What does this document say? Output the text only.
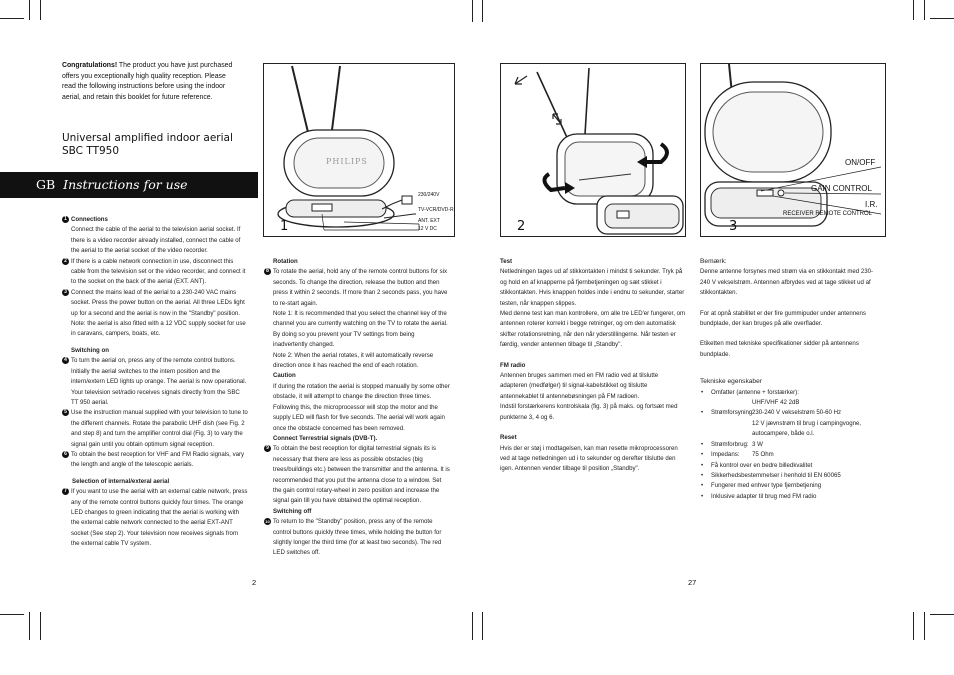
Congratulations! The product you have just purchased offers you exceptionally high quality reception. Please read the following instructions before using the indoor aerial, and retain this booklet for future reference.
Universal amplified indoor aerial
SBC TT950
GB Instructions for use
1 Connections
Connect the cable of the aerial to the television aerial socket. If there is a video recorder already installed, connect the cable of the aerial to the aerial socket of the video recorder.
2 If there is a cable network connection in use, disconnect this cable from the television set or the video recorder, and connect it to the socket on the back of the aerial (EXT. ANT).
3 Connect the mains lead of the aerial to a 230-240 VAC mains socket. Press the power button on the aerial. All three LEDs light up for a second and the aerial is now in the "Standby" position.
Note: the aerial is also fitted with a 12 VDC supply socket for use in caravans, campers, boats, etc.
Switching on
4 To turn the aerial on, press any of the remote control buttons. Initially the aerial switches to the intern position and the intern/extern LED lights up orange. The aerial is now operational. Your television set/radio receives signals directly from the SBC TT 950 aerial.
5 Use the instruction manual supplied with your television to tune to the different channels. Rotate the parabolic UHF dish (see Fig. 2 and step 8) and turn the amplifier control dial (Fig. 3) to vary the signal gain until you obtain optimum signal reception.
6 To obtain the best reception for VHF and FM Radio signals, vary the length and angle of the telescopic aerials.
Selection of internal/exteral aerial
7 If you want to use the aerial with an external cable network, press any of the remote control buttons quickly four times. The orange LED changes to green indicating that the aerial is working with the external cable network connected to the aerial EXT-ANT socket (See step 2). Your television now receives signals from the external cable TV system.
2
Rotation
8 To rotate the aerial, hold any of the remote control buttons for six seconds. To change the direction, release the button and then press it within 2 seconds. If more than 2 seconds pass, you have to re-start again.
Note 1: It is recommended that you select the channel key of the channel you are currently watching on the TV to rotate the aerial. By doing so you prevent your TV settings from being inadvertently changed.
Note 2: When the aerial rotates, it will automatically reverse direction once it has reached the end of each rotation.
Caution
If during the rotation the aerial is stopped manually by some other obstacle, it will attempt to change the direction three times. Following this, the microprocessor will stop the motor and the supply LED will flash for five seconds. The aerial will work again once the obstacle concerned has been removed.
Connect Terrestrial signals (DVB-T).
9 To obtain the best reception for digital terrestrial signals its is necessary that there are less as possible obstacles (big trees/buildings etc.) between the transmitter and the antenna. It is recommended that you put the antenna close to a window. Set the gain control rotary-wheel in zero position and increase the signal gain till you have obtained the optimal reception.
Switching off
10 To return to the "Standby" position, press any of the remote control buttons quickly three times, while holding the button for slightly longer the third time (for at least two seconds). The red LED switches off.
Test
Netledningen tages ud af stikkontakten i mindst ti sekunder. Tryk på og hold en af knapperne på fjernbetjeningen og sæt stikket i stikkontakten. Hvis knappen holdes inde i endnu to sekunder, starter testen, når knappen slippes.
Med denne test kan man kontrollere, om alle tre LED'er fungerer, om antennen roterer korrekt i begge retninger, og om den automatisk skifter rotationsretning, når den når yderstillingerne. Når testen er færdig, vender antennen tilbage til „Standby".
FM radio
Antennen bruges sammen med en FM radio ved at tilslutte adapteren (medfølger) til signal-kabelstikket og tilslutte antennekablet til antennebøsningen på FM radioen.
Indstil forstærkerens kontrolskala (fig. 3) på maks. og fortsæt med punkterne 3, 4 og 6.
Reset
Hvis der er støj i modtagelsen, kan man resette mikroprocessoren ved at tage netledningen ud i to sekunder og derefter tilslutte den igen. Antennen vender tilbage til position „Standby".
27
Bemærk:
Denne antenne forsynes med strøm via en stikkontakt med 230-240 V vekselstrøm. Antennen afbrydes ved at tage stikket ud af stikkontakten.
For at opnå stabilitet er der fire gummipuder under antennens bundplade, der kan bruges på alle overflader.
Etiketten med tekniske specifikationer sidder på antennens bundplade.
Tekniske egenskaber
• Omfatter (antenne + forstærker):
UHF/VHF 42 2dB
• Strømforsyning:230-240 V vekselstrøm 50-60 Hz
12 V jævnstrøm til brug i campingvogne, autocampere, både o.l.
• Strømforbrug: 3 W
• Impedans: 75 Ohm
• Få kontrol over en bedre billedkvalitet
• Sikkerhedsbestemmelser i henhold til EN 60065
• Fungerer med enhver type fjernbetjening
• Inklusive adapter til brug med FM radio
PHILIPS
1
230/240V
TV-VCR/DVD-R
ANT. EXT
12 V DC	2	3
ON/OFF
GAIN CONTROL
I.R.
RECEIVER REMOTE CONTROL
